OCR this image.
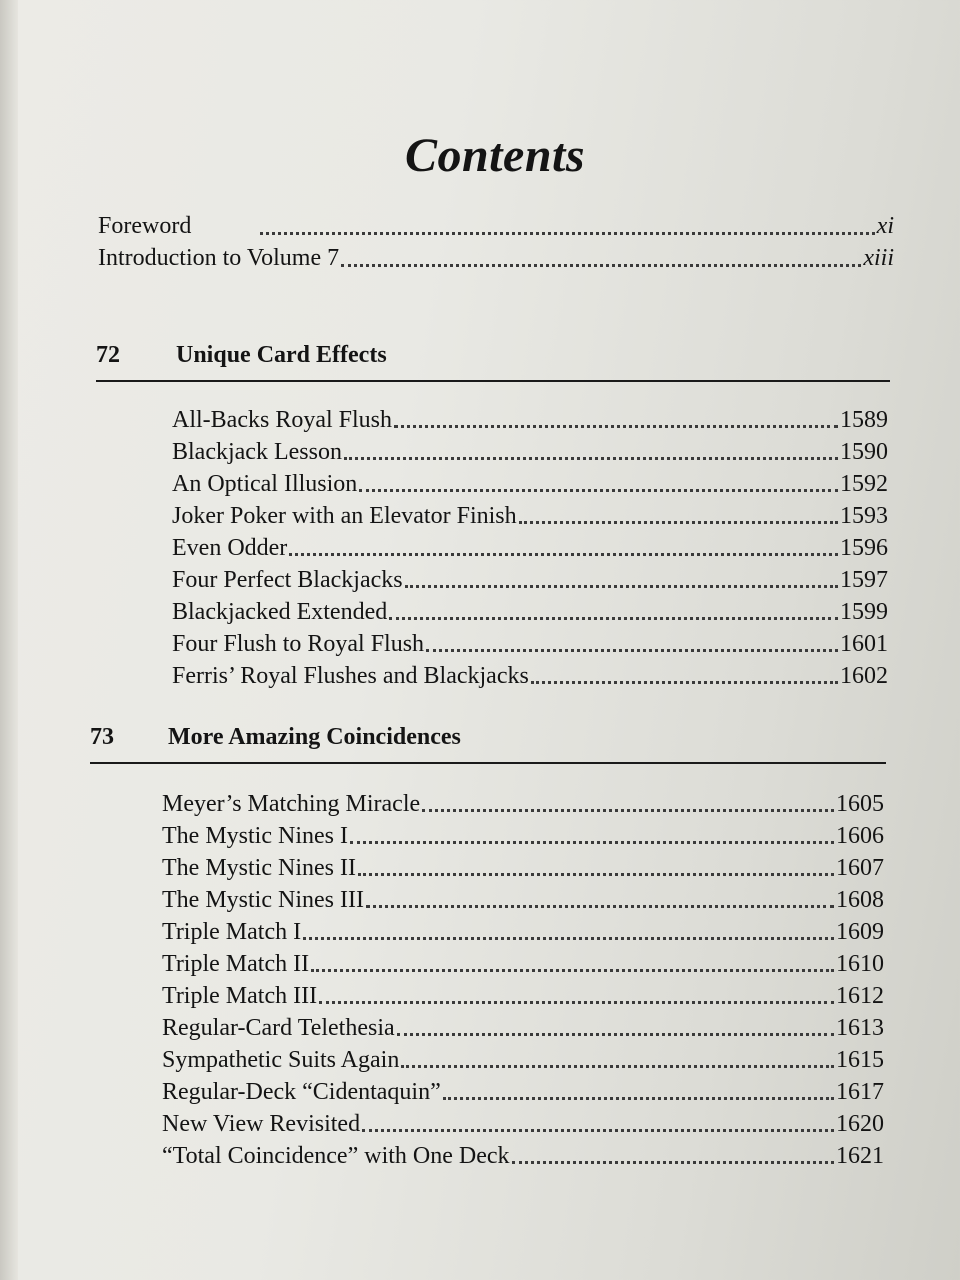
Contents
Foreword	xi
Introduction to Volume 7	xiii
72	Unique Card Effects
All-Backs Royal Flush	1589
Blackjack Lesson	1590
An Optical Illusion	1592
Joker Poker with an Elevator Finish	1593
Even Odder	1596
Four Perfect Blackjacks	1597
Blackjacked Extended	1599
Four Flush to Royal Flush	1601
Ferris’ Royal Flushes and Blackjacks	1602
73	More Amazing Coincidences
Meyer’s Matching Miracle	1605
The Mystic Nines I	1606
The Mystic Nines II	1607
The Mystic Nines III	1608
Triple Match I	1609
Triple Match II	1610
Triple Match III	1612
Regular-Card Telethesia	1613
Sympathetic Suits Again	1615
Regular-Deck “Cidentaquin”	1617
New View Revisited	1620
“Total Coincidence” with One Deck	1621
